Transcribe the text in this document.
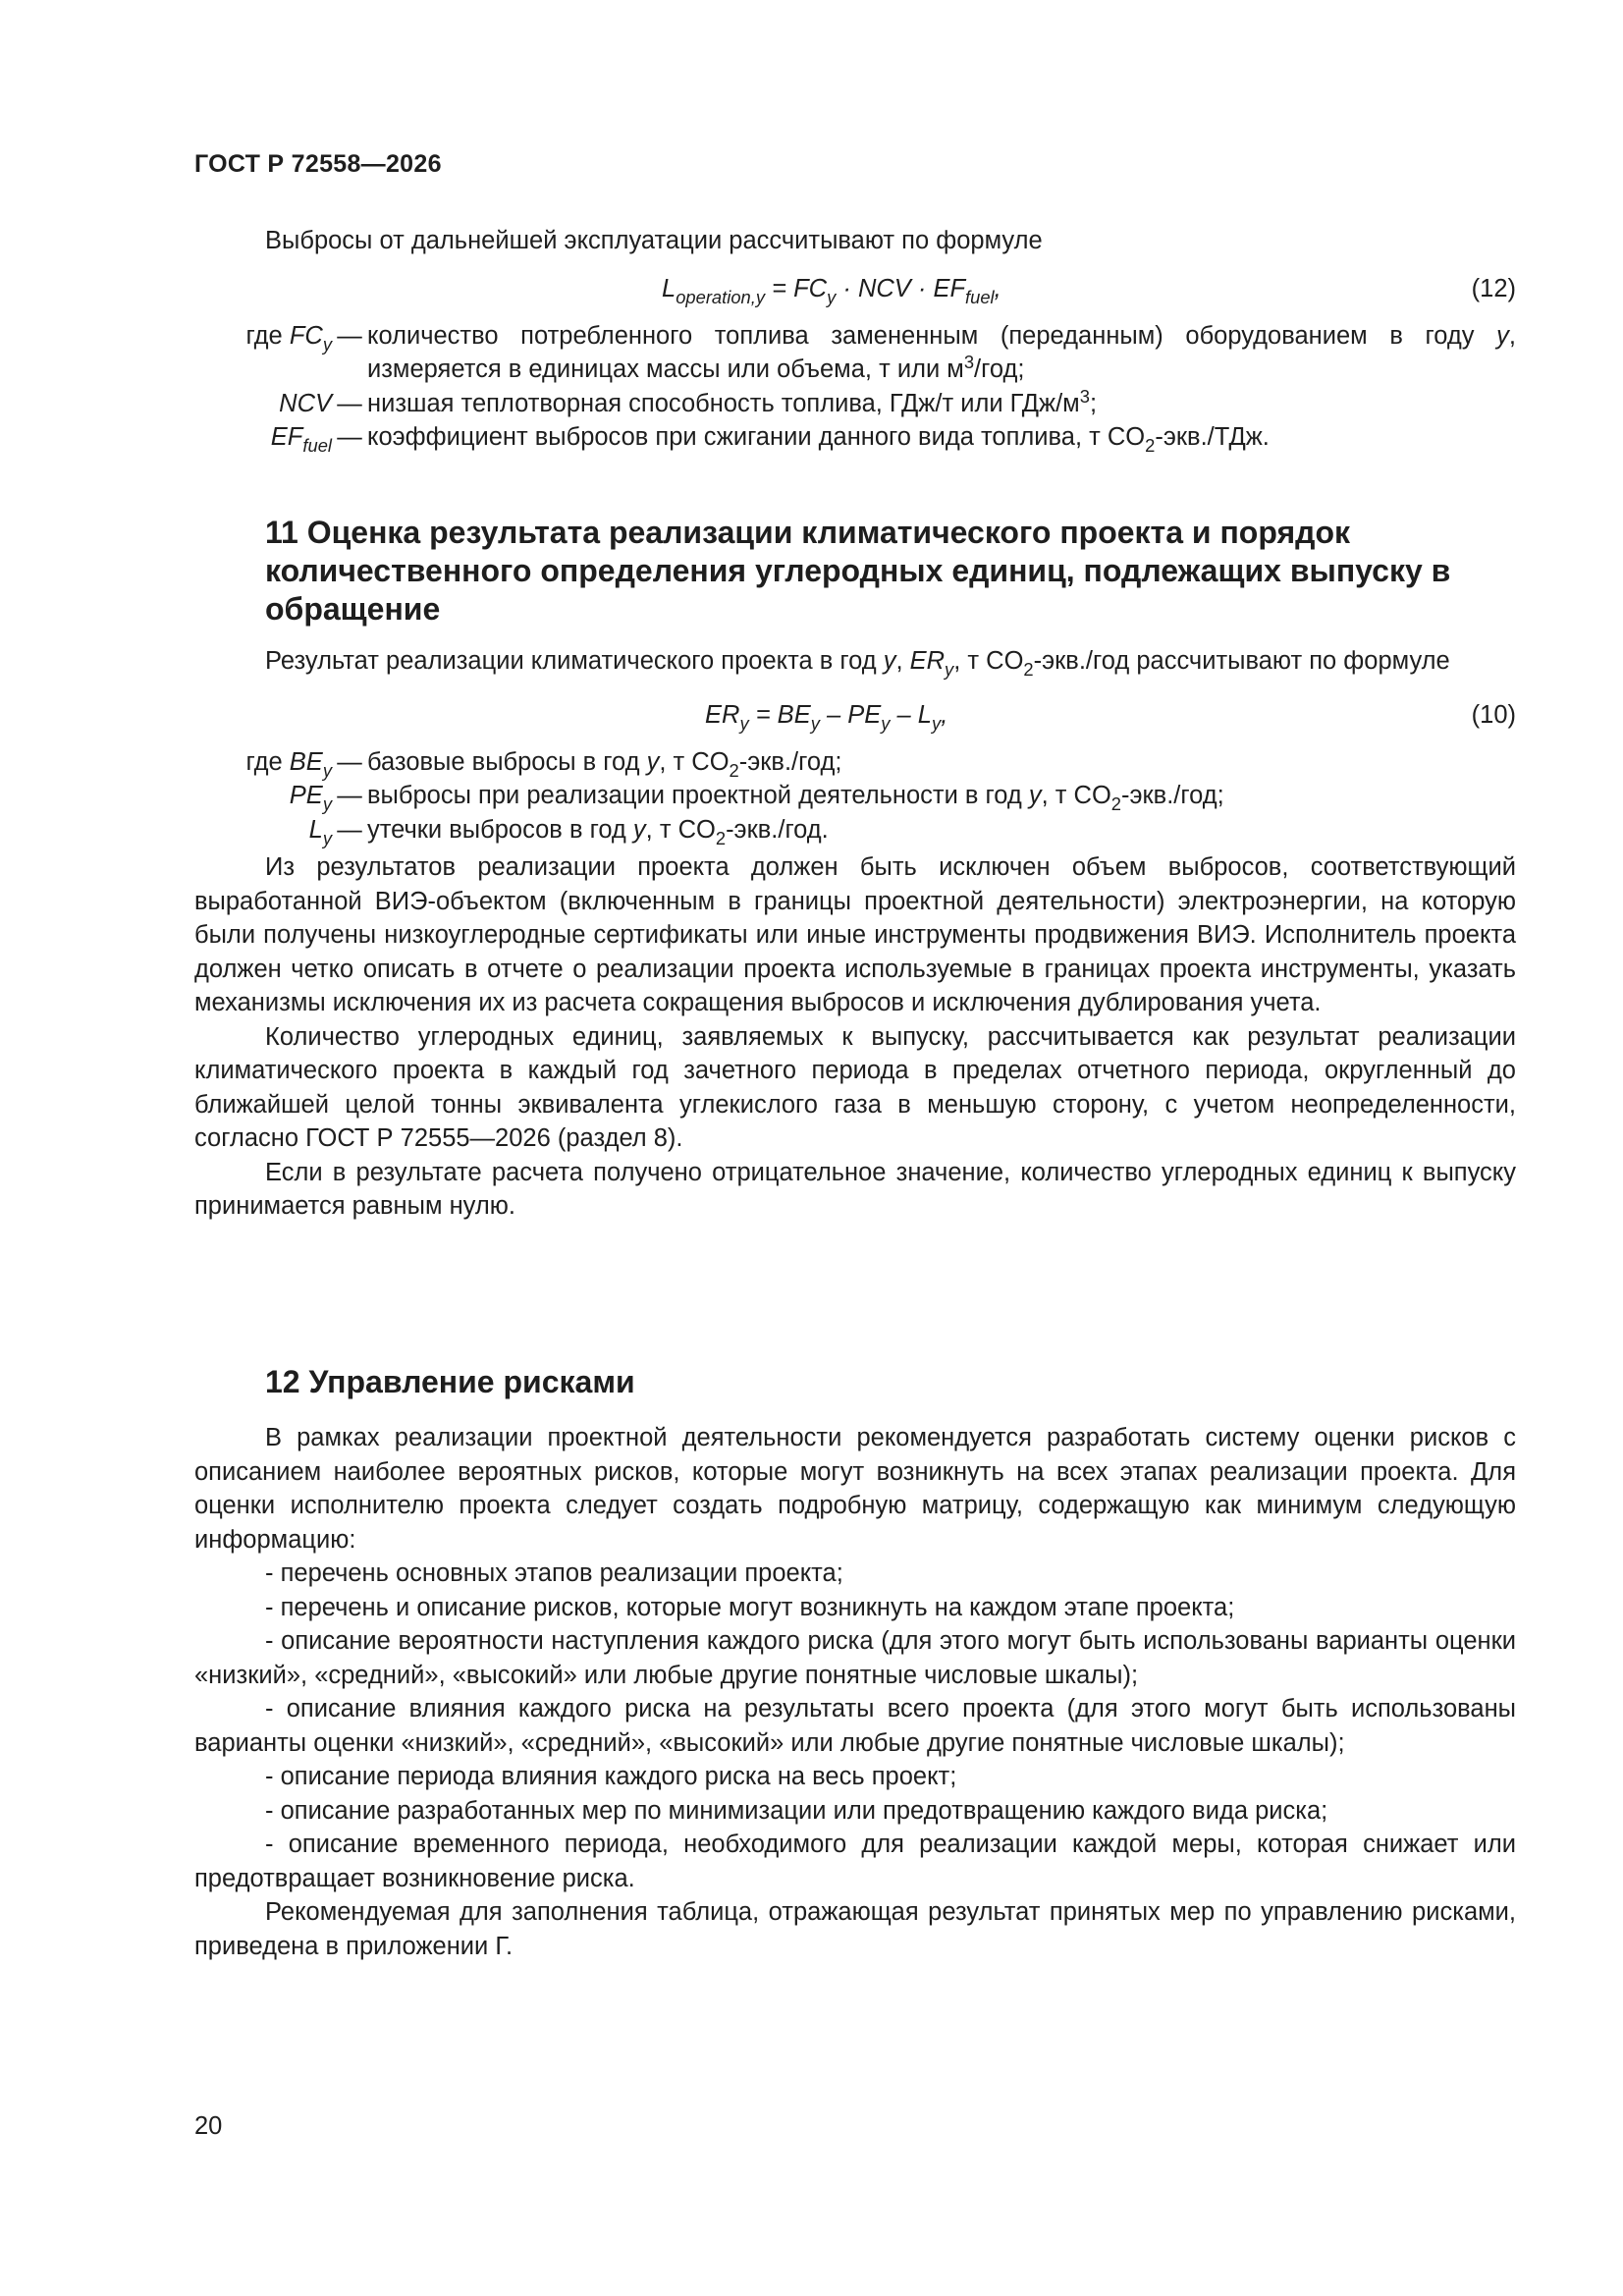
ГОСТ Р 72558—2026

Выбросы от дальнейшей эксплуатации рассчитывают по формуле

$L_{operation,y} = FC_y$ · NCV · $EF_{fuel}$,	(12)
где $FC_y$	—	количество потребленного топлива замененным (переданным) оборудованием в году y, измеряется в единицах массы или объема, т или $м^3$/год;
NCV	—	низшая теплотворная способность топлива, ГДж/т или ГДж/$м^3$;
$EF_{fuel}$	—	коэффициент выбросов при сжигании данного вида топлива, т $CO_2-экв$./ТДж.
11 Оценка результата реализации климатического проекта и порядок количественного определения углеродных единиц, подлежащих выпуску в обращение

Результат реализации климатического проекта в год y, $ER_y$, т $CO_2-экв$./год рассчитывают по формуле

$ER_y = BE_y - PE_y - L_y$,	(10)
где $BE_y$	—	базовые выбросы в год y, т $CO_2-экв$./год;
$PE_y$	—	выбросы при реализации проектной деятельности в год y, т $CO_2-экв$./год;
$L_y$	—	утечки выбросов в год y, т $CO_2-экв$./год.

Из результатов реализации проекта должен быть исключен объем выбросов, соответствующий выработанной ВИЭ-объектом (включенным в границы проектной деятельности) электроэнергии, на которую были получены низкоуглеродные сертификаты или иные инструменты продвижения ВИЭ. Исполнитель проекта должен четко описать в отчете о реализации проекта используемые в границах проекта инструменты, указать механизмы исключения их из расчета сокращения выбросов и исключения дублирования учета.

Количество углеродных единиц, заявляемых к выпуску, рассчитывается как результат реализации климатического проекта в каждый год зачетного периода в пределах отчетного периода, округленный до ближайшей целой тонны эквивалента углекислого газа в меньшую сторону, с учетом неопределенности, согласно ГОСТ Р 72555—2026 (раздел 8).

Если в результате расчета получено отрицательное значение, количество углеродных единиц к выпуску принимается равным нулю.

12 Управление рисками

В рамках реализации проектной деятельности рекомендуется разработать систему оценки рисков с описанием наиболее вероятных рисков, которые могут возникнуть на всех этапах реализации проекта. Для оценки исполнителю проекта следует создать подробную матрицу, содержащую как минимум следующую информацию:

- перечень основных этапов реализации проекта;

- перечень и описание рисков, которые могут возникнуть на каждом этапе проекта;

- описание вероятности наступления каждого риска (для этого могут быть использованы варианты оценки «низкий», «средний», «высокий» или любые другие понятные числовые шкалы);

- описание влияния каждого риска на результаты всего проекта (для этого могут быть использованы варианты оценки «низкий», «средний», «высокий» или любые другие понятные числовые шкалы);

- описание периода влияния каждого риска на весь проект;

- описание разработанных мер по минимизации или предотвращению каждого вида риска;

- описание временного периода, необходимого для реализации каждой меры, которая снижает или предотвращает возникновение риска.

Рекомендуемая для заполнения таблица, отражающая результат принятых мер по управлению рисками, приведена в приложении Г.

20
